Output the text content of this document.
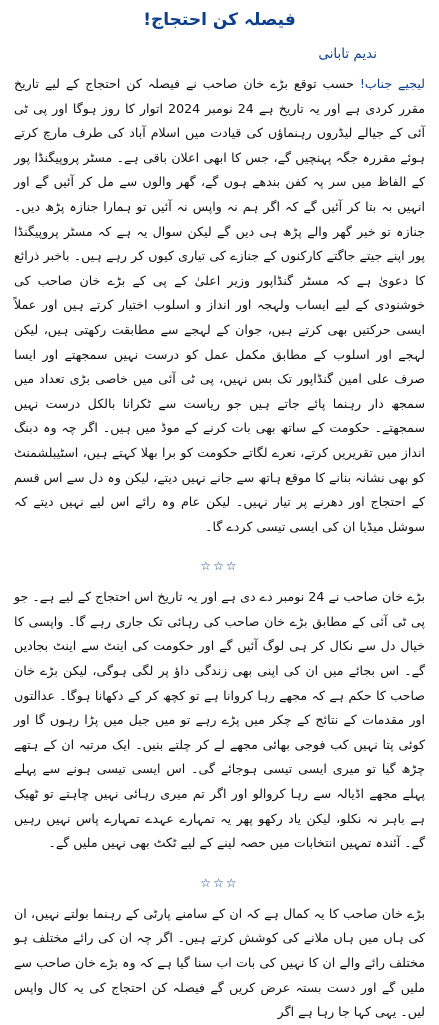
فیصلہ کن احتجاج!
ندیم تابانی

لیجیے جناب! حسب توقع بڑے خان صاحب نے فیصلہ کن احتجاج کے لیے تاریخ مقرر کردی ہے اور یہ تاریخ ہے 24 نومبر 2024 اتوار کا روز ہوگا اور پی ٹی آئی کے جیالے لیڈروں رہنماؤں کی قیادت میں اسلام آباد کی طرف مارچ کرتے ہوئے مقررہ جگہ پہنچیں گے، جس کا ابھی اعلان باقی ہے۔ مسٹر پروپیگنڈا پور کے الفاظ میں سر پہ کفن بندھے ہوں گے، گھر والوں سے مل کر آئیں گے اور انہیں بہ بتا کر آئیں گے کہ اگر ہم نہ واپس نہ آئیں تو ہمارا جنازہ پڑھ دیں۔ جنازہ تو خیر گھر والے پڑھ ہی دیں گے لیکن سوال یہ ہے کہ مسٹر پروپیگنڈا پور اپنے جیتے جاگتے کارکنوں کے جنازے کی تیاری کیوں کر رہے ہیں۔ باخبر ذرائع کا دعویٰ ہے کہ مسٹر گنڈاپور وزیر اعلیٰ کے پی کے بڑے خان صاحب کی خوشنودی کے لیے ایساب ولہجہ اور انداز و اسلوب اختیار کرتے ہیں اور عملاً ایسی حرکتیں بھی کرتے ہیں، جوان کے لہجے سے مطابقت رکھتی ہیں، لیکن لہجے اور اسلوب کے مطابق مکمل عمل کو درست نہیں سمجھتے اور ایسا صرف علی امین گنڈاپور تک بس نہیں، پی ٹی آئی میں خاصی بڑی تعداد میں سمجھ دار رہنما پائے جاتے ہیں جو ریاست سے ٹکرانا بالکل درست نہیں سمجھتے۔ حکومت کے ساتھ بھی بات کرنے کے موڈ میں ہیں۔ اگر چہ وہ دبنگ انداز میں تقریریں کرتے، نعرے لگاتے حکومت کو برا بھلا کہتے ہیں، اسٹیبلشمنٹ کو بھی نشانہ بنانے کا موقع ہاتھ سے جانے نہیں دیتے، لیکن وہ دل سے اس قسم کے احتجاج اور دھرنے پر تیار نہیں۔ لیکن عام وہ رائے اس لیے نہیں دیتے کہ سوشل میڈیا ان کی ایسی تیسی کردے گا۔

☆☆☆

بڑے خان صاحب نے 24 نومبر دے دی ہے اور یہ تاریخ اس احتجاج کے لیے ہے۔ جو پی ٹی آئی کے مطابق بڑے خان صاحب کی رہائی تک جاری رہے گا۔ واپسی کا خیال دل سے نکال کر ہی لوگ آئیں گے اور حکومت کی اینٹ سے اینٹ بجادیں گے۔ اس بجائے میں ان کی اپنی بھی زندگی داؤ پر لگی ہوگی، لیکن بڑے خان صاحب کا حکم ہے کہ مجھے رہا کروانا ہے تو کچھ کر کے دکھانا ہوگا۔ عدالتوں اور مقدمات کے نتائج کے چکر میں پڑے رہے تو میں جیل میں پڑا رہوں گا اور کوئی پتا نہیں کب فوجی بھائی مجھے لے کر چلتے بنیں۔ ایک مرتبہ ان کے ہتھے چڑھ گیا تو میری ایسی تیسی ہوجائے گی۔ اس ایسی تیسی ہونے سے پہلے پہلے مجھے اڈیالہ سے رہا کروالو اور اگر تم میری رہائی نہیں چاہتے تو ٹھیک ہے باہر نہ نکلو، لیکن یاد رکھو پھر یہ تمہارے عہدے تمہارے پاس نہیں رہیں گے۔ آئندہ تمہیں انتخابات میں حصہ لینے کے لیے ٹکٹ بھی نہیں ملیں گے۔

☆☆☆

بڑے خان صاحب کا یہ کمال ہے کہ ان کے سامنے پارٹی کے رہنما بولتے نہیں، ان کی ہاں میں ہاں ملانے کی کوشش کرتے ہیں۔ اگر چہ ان کی رائے مختلف ہو مختلف رائے والے ان کا نہیں کی بات اب سنا گیا ہے کہ وہ بڑے خان صاحب سے ملیں گے اور دست بستہ عرض کریں گے فیصلہ کن احتجاج کی یہ کال واپس لیں۔ یہی کہا جا رہا ہے اگر
